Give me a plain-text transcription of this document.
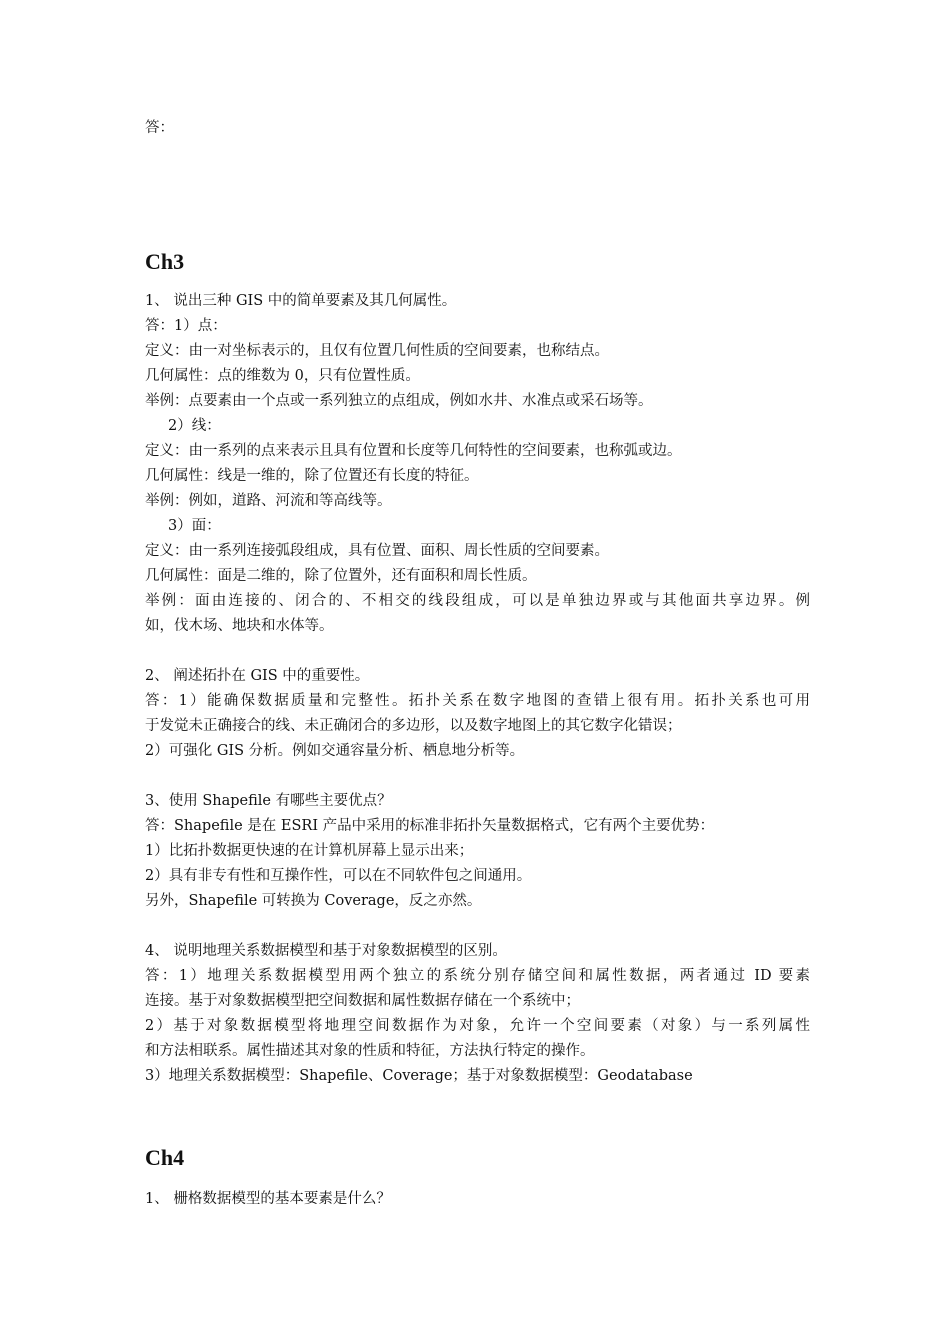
答：
Ch3
1、 说出三种 GIS 中的简单要素及其几何属性。
答：1）点：
定义：由一对坐标表示的，且仅有位置几何性质的空间要素，也称结点。
几何属性：点的维数为 0，只有位置性质。
举例：点要素由一个点或一系列独立的点组成，例如水井、水准点或采石场等。
2）线：
定义：由一系列的点来表示且具有位置和长度等几何特性的空间要素，也称弧或边。
几何属性：线是一维的，除了位置还有长度的特征。
举例：例如，道路、河流和等高线等。
3）面：
定义：由一系列连接弧段组成，具有位置、面积、周长性质的空间要素。
几何属性：面是二维的，除了位置外，还有面积和周长性质。
举例：面由连接的、闭合的、不相交的线段组成，可以是单独边界或与其他面共享边界。例
如，伐木场、地块和水体等。
2、 阐述拓扑在 GIS 中的重要性。
答：1）能确保数据质量和完整性。拓扑关系在数字地图的查错上很有用。拓扑关系也可用
于发觉未正确接合的线、未正确闭合的多边形，以及数字地图上的其它数字化错误；
2）可强化 GIS 分析。例如交通容量分析、栖息地分析等。
3、使用 Shapefile 有哪些主要优点？
答：Shapefile 是在 ESRI 产品中采用的标准非拓扑矢量数据格式，它有两个主要优势：
1）比拓扑数据更快速的在计算机屏幕上显示出来；
2）具有非专有性和互操作性，可以在不同软件包之间通用。
另外，Shapefile 可转换为 Coverage，反之亦然。
4、 说明地理关系数据模型和基于对象数据模型的区别。
答：1）地理关系数据模型用两个独立的系统分别存储空间和属性数据，两者通过 ID 要素
连接。基于对象数据模型把空间数据和属性数据存储在一个系统中；
2）基于对象数据模型将地理空间数据作为对象，允许一个空间要素（对象）与一系列属性
和方法相联系。属性描述其对象的性质和特征，方法执行特定的操作。
3）地理关系数据模型：Shapefile、Coverage；基于对象数据模型：Geodatabase
Ch4
1、 栅格数据模型的基本要素是什么？
